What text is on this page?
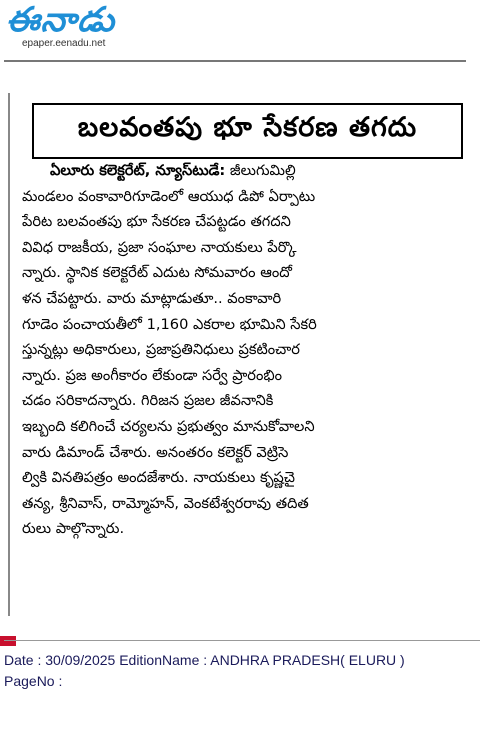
ఈనాడు
epaper.eenadu.net
బలవంతపు భూ సేకరణ తగదు
ఏలూరు కలెక్టరేట్, న్యూస్‌టుడే: జీలుగుమిల్లి
మండలం వంకావారిగూడెంలో ఆయుధ డిపో ఏర్పాటు
పేరిట బలవంతపు భూ సేకరణ చేపట్టడం తగదని
వివిధ రాజకీయ, ప్రజా సంఘాల నాయకులు పేర్కొ
న్నారు. స్థానిక కలెక్టరేట్ ఎదుట సోమవారం ఆందో
ళన చేపట్టారు. వారు మాట్లాడుతూ.. వంకావారి
గూడెం పంచాయతీలో 1,160 ఎకరాల భూమిని సేకరి
స్తున్నట్లు అధికారులు, ప్రజాప్రతినిధులు ప్రకటించార
న్నారు. ప్రజ అంగీకారం లేకుండా సర్వే ప్రారంభిం
చడం సరికాదన్నారు. గిరిజన ప్రజల జీవనానికి
ఇబ్బంది కలిగించే చర్యలను ప్రభుత్వం మానుకోవాలని
వారు డిమాండ్ చేశారు. అనంతరం కలెక్టర్ వెట్రిసె
ల్వికి వినతిపత్రం అందజేశారు. నాయకులు కృష్ణచై
తన్య, శ్రీనివాస్, రామ్మోహన్, వెంకటేశ్వరరావు తదిత
రులు పాల్గొన్నారు.
Date : 30/09/2025 EditionName : ANDHRA PRADESH( ELURU )
PageNo :
